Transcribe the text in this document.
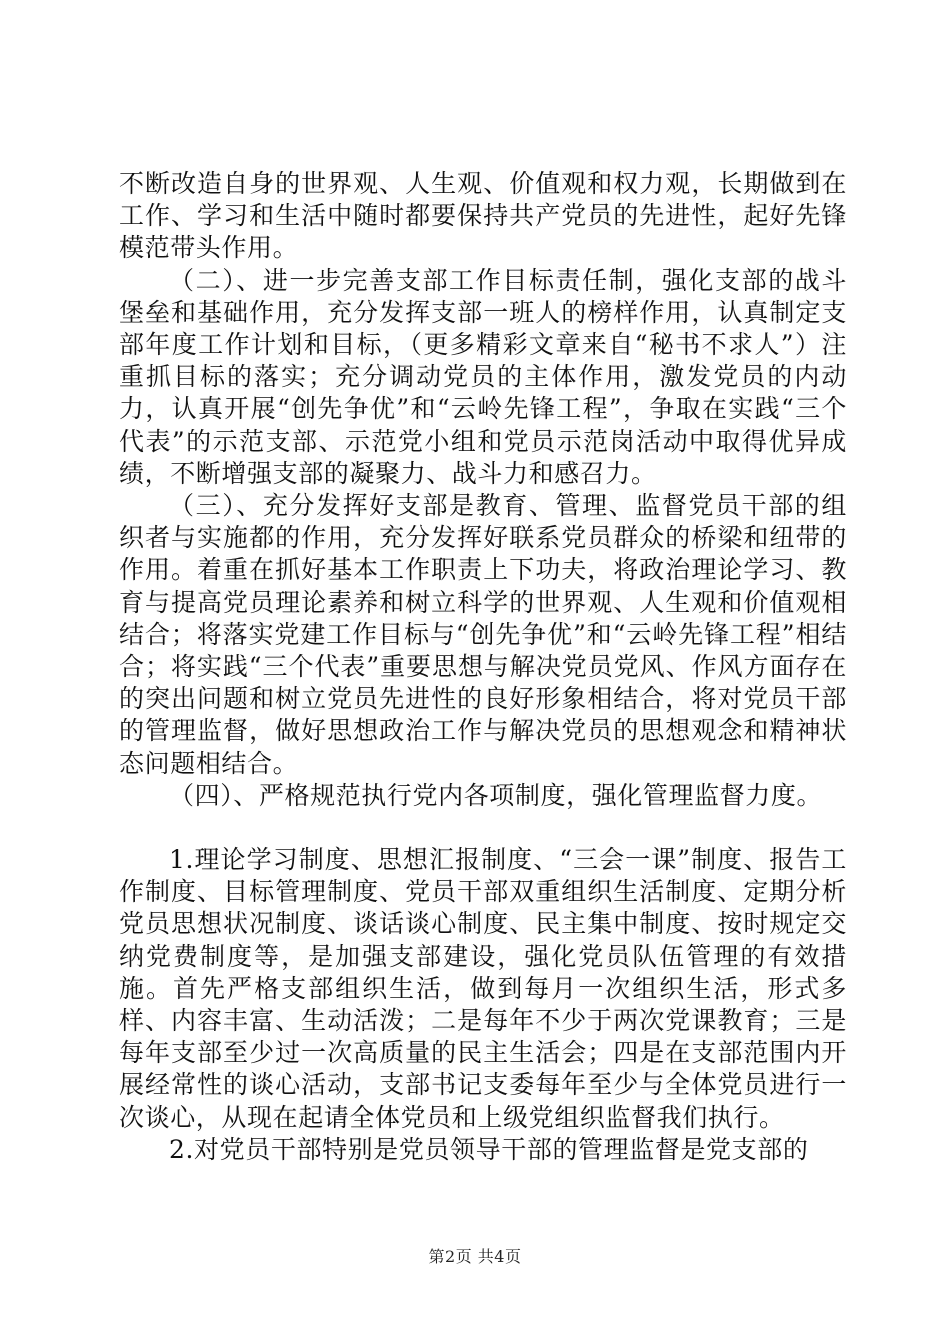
不断改造自身的世界观、人生观、价值观和权力观，长期做到在工作、学习和生活中随时都要保持共产党员的先进性，起好先锋模范带头作用。

（二）、进一步完善支部工作目标责任制，强化支部的战斗堡垒和基础作用，充分发挥支部一班人的榜样作用，认真制定支部年度工作计划和目标，（更多精彩文章来自“秘书不求人”）注重抓目标的落实；充分调动党员的主体作用，激发党员的内动力，认真开展“创先争优”和“云岭先锋工程”，争取在实践“三个代表”的示范支部、示范党小组和党员示范岗活动中取得优异成绩，不断增强支部的凝聚力、战斗力和感召力。

（三）、充分发挥好支部是教育、管理、监督党员干部的组织者与实施都的作用，充分发挥好联系党员群众的桥梁和纽带的作用。着重在抓好基本工作职责上下功夫，将政治理论学习、教育与提高党员理论素养和树立科学的世界观、人生观和价值观相结合；将落实党建工作目标与“创先争优”和“云岭先锋工程”相结合；将实践“三个代表”重要思想与解决党员党风、作风方面存在的突出问题和树立党员先进性的良好形象相结合，将对党员干部的管理监督，做好思想政治工作与解决党员的思想观念和精神状态问题相结合。

（四）、严格规范执行党内各项制度，强化管理监督力度。

1.理论学习制度、思想汇报制度、“三会一课”制度、报告工作制度、目标管理制度、党员干部双重组织生活制度、定期分析党员思想状况制度、谈话谈心制度、民主集中制度、按时规定交纳党费制度等，是加强支部建设，强化党员队伍管理的有效措施。首先严格支部组织生活，做到每月一次组织生活，形式多样、内容丰富、生动活泼；二是每年不少于两次党课教育；三是每年支部至少过一次高质量的民主生活会；四是在支部范围内开展经常性的谈心活动，支部书记支委每年至少与全体党员进行一次谈心，从现在起请全体党员和上级党组织监督我们执行。

2.对党员干部特别是党员领导干部的管理监督是党支部的

第2页 共4页
